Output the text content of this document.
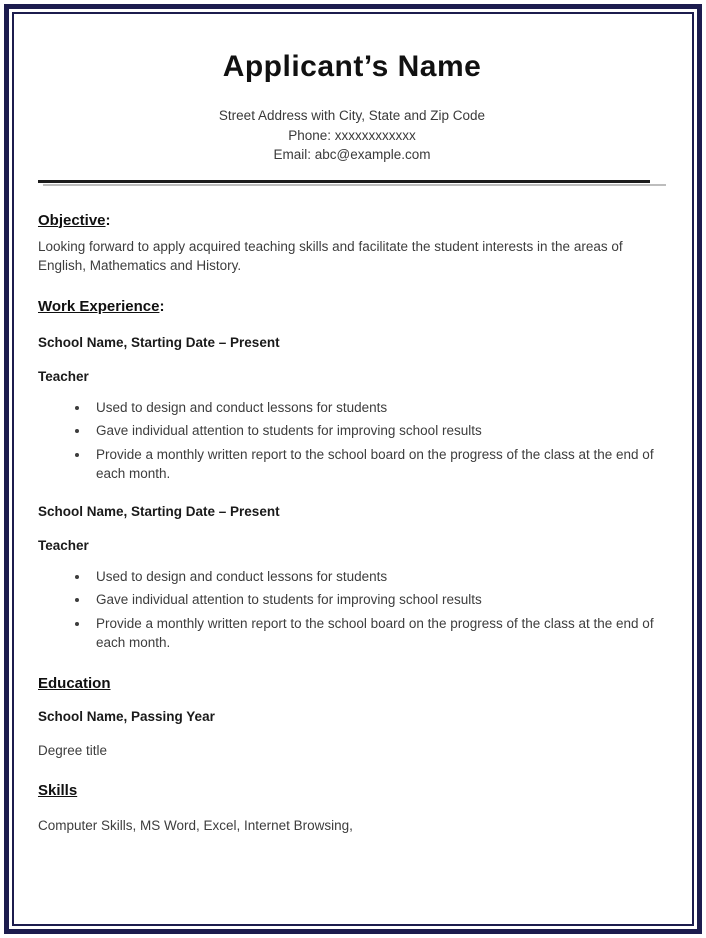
Applicant’s Name
Street Address with City, State and Zip Code
Phone: xxxxxxxxxxxx
Email: abc@example.com
Objective:
Looking forward to apply acquired teaching skills and facilitate the student interests in the areas of English, Mathematics and History.
Work Experience:
School Name, Starting Date – Present
Teacher
• Used to design and conduct lessons for students
• Gave individual attention to students for improving school results
• Provide a monthly written report to the school board on the progress of the class at the end of each month.
School Name, Starting Date – Present
Teacher
• Used to design and conduct lessons for students
• Gave individual attention to students for improving school results
• Provide a monthly written report to the school board on the progress of the class at the end of each month.
Education
School Name, Passing Year
Degree title
Skills
Computer Skills, MS Word, Excel, Internet Browsing,
